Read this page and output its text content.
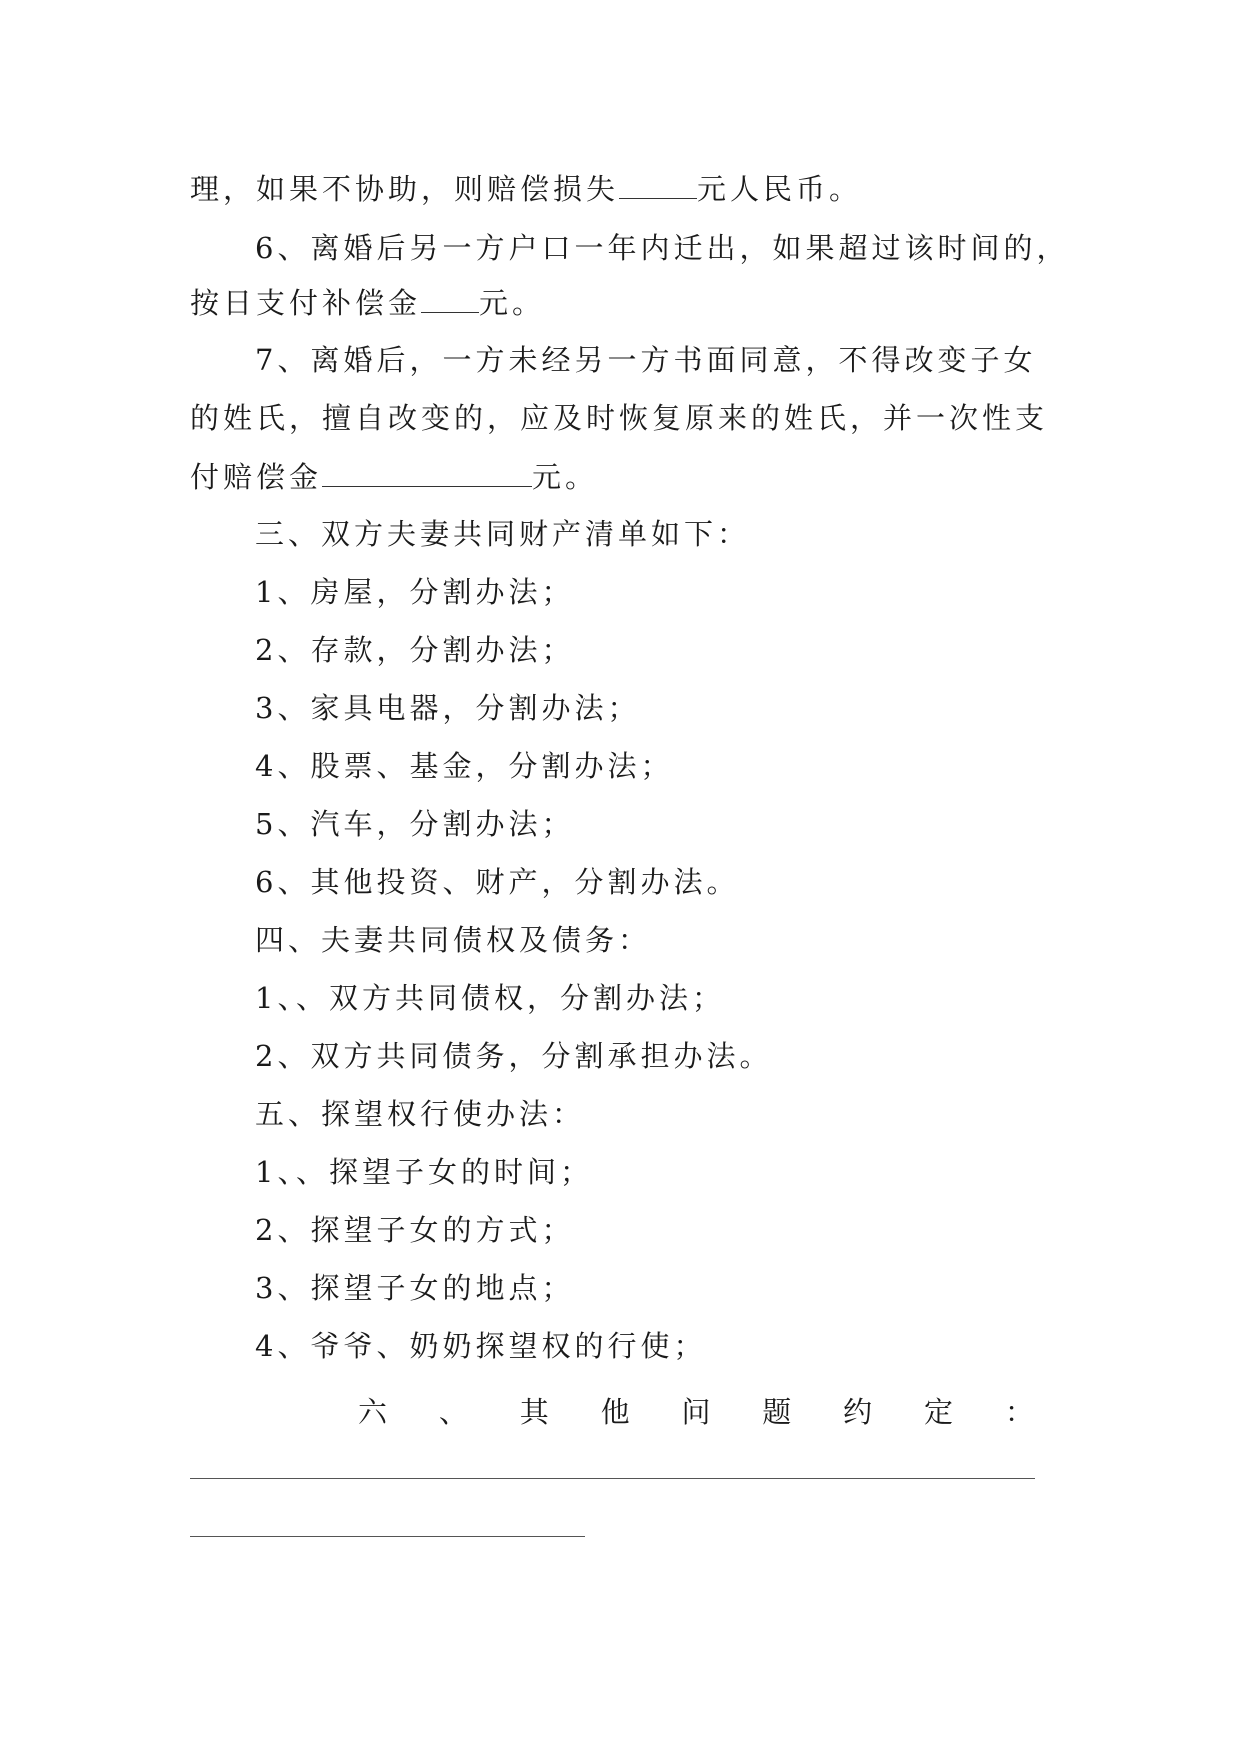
理，如果不协助，则赔偿损失	元人民币。
6、离婚后另一方户口一年内迁出，如果超过该时间的，
按日支付补偿金 元。
7、离婚后，一方未经另一方书面同意，不得改变子女
的姓氏，擅自改变的，应及时恢复原来的姓氏，并一次性支
付赔偿金	元。
三、双方夫妻共同财产清单如下：
1、房屋，分割办法；
2、存款，分割办法；
3、家具电器，分割办法；
4、股票、基金，分割办法；
5、汽车，分割办法；
6、其他投资、财产，分割办法。
四、夫妻共同债权及债务：
1、、双方共同债权，分割办法；
2、双方共同债务，分割承担办法。
五、探望权行使办法：
1、、探望子女的时间；
2、探望子女的方式；
3、探望子女的地点；
4、爷爷、奶奶探望权的行使；
六 、 其 他 问 题 约 定 ：
